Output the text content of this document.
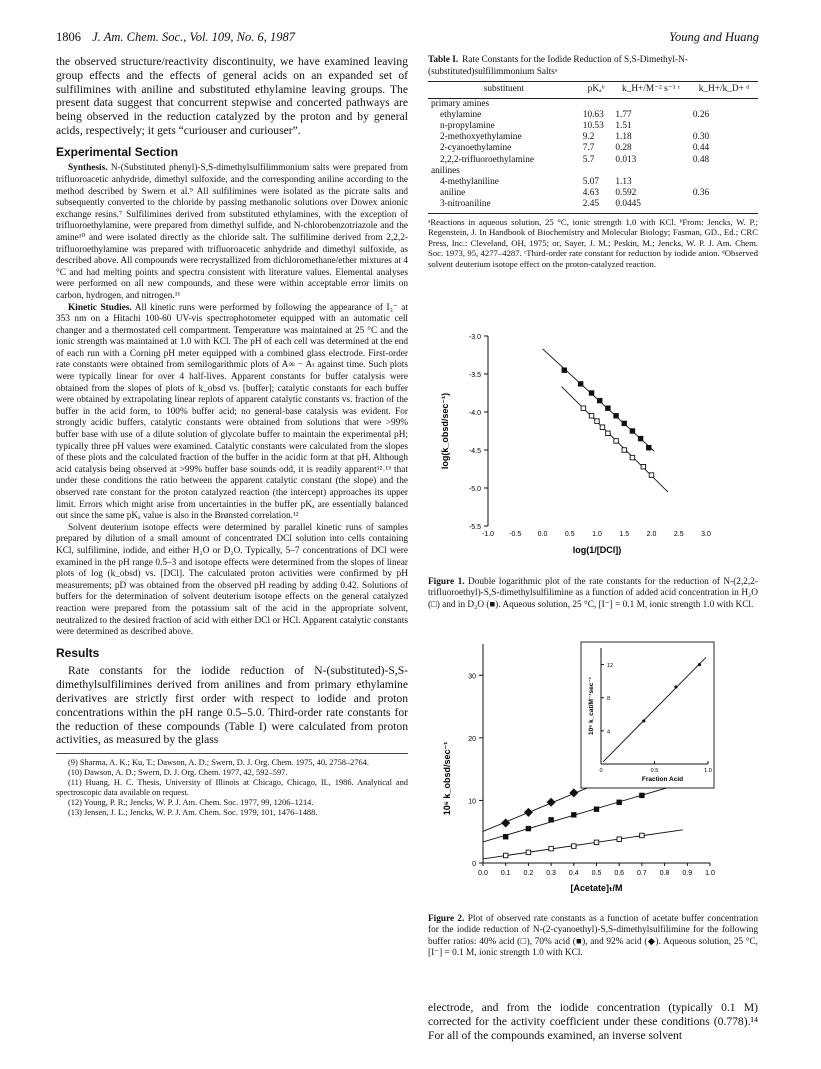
1806 J. Am. Chem. Soc., Vol. 109, No. 6, 1987	Young and Huang

the observed structure/reactivity discontinuity, we have examined leaving group effects and the effects of general acids on an expanded set of sulfilimines with aniline and substituted ethylamine leaving groups. The present data suggest that concurrent stepwise and concerted pathways are being observed in the reduction catalyzed by the proton and by general acids, respectively; it gets “curiouser and curiouser”.

Experimental Section

Synthesis. N-(Substituted phenyl)-S,S-dimethylsulfilimmonium salts were prepared from trifluoroacetic anhydride, dimethyl sulfoxide, and the corresponding aniline according to the method described by Swern et al.⁹ All sulfilimines were isolated as the picrate salts and subsequently converted to the chloride by passing methanolic solutions over Dowex anionic exchange resins.⁷ Sulfilimines derived from substituted ethylamines, with the exception of trifluoroethylamine, were prepared from dimethyl sulfide, and N-chlorobenzotriazole and the amine¹⁰ and were isolated directly as the chloride salt. The sulfilimine derived from 2,2,2-trifluoroethylamine was prepared with trifluoroacetic anhydride and dimethyl sulfoxide, as described above. All compounds were recrystallized from dichloromethane/ether mixtures at 4 °C and had melting points and spectra consistent with literature values. Elemental analyses were performed on all new compounds, and these were within acceptable error limits on carbon, hydrogen, and nitrogen.¹¹

Kinetic Studies. All kinetic runs were performed by following the appearance of I₃⁻ at 353 nm on a Hitachi 100-60 UV-vis spectrophotometer equipped with an automatic cell changer and a thermostated cell compartment. Temperature was maintained at 25 °C and the ionic strength was maintained at 1.0 with KCl. The pH of each cell was determined at the end of each run with a Corning pH meter equipped with a combined glass electrode. First-order rate constants were obtained from semilogarithmic plots of A∞ − Aₜ against time. Such plots were typically linear for over 4 half-lives. Apparent constants for buffer catalysis were obtained from the slopes of plots of k_obsd vs. [buffer]; catalytic constants for each buffer were obtained by extrapolating linear replots of apparent catalytic constants vs. fraction of the buffer in the acid form, to 100% buffer acid; no general-base catalysis was evident. For strongly acidic buffers, catalytic constants were obtained from solutions that were >99% buffer base with use of a dilute solution of glycolate buffer to maintain the experimental pH; typically three pH values were examined. Catalytic constants were calculated from the slopes of these plots and the calculated fraction of the buffer in the acidic form at that pH. Although acid catalysis being observed at >99% buffer base sounds odd, it is readily apparent¹²˒¹³ that under these conditions the ratio between the apparent catalytic constant (the slope) and the observed rate constant for the proton catalyzed reaction (the intercept) approaches its upper limit. Errors which might arise from uncertainties in the buffer pKₐ are essentially balanced out since the same pKₐ value is also in the Brønsted correlation.¹²

Solvent deuterium isotope effects were determined by parallel kinetic runs of samples prepared by dilution of a small amount of concentrated DCl solution into cells containing KCl, sulfilimine, iodide, and either H₂O or D₂O. Typically, 5–7 concentrations of DCl were examined in the pH range 0.5–3 and isotope effects were determined from the slopes of linear plots of log (k_obsd) vs. [DCl]. The calculated proton activities were confirmed by pH measurements; pD was obtained from the observed pH reading by adding 0.42. Solutions of buffers for the determination of solvent deuterium isotope effects on the general catalyzed reaction were prepared from the potassium salt of the acid in the appropriate solvent, neutralized to the desired fraction of acid with either DCl or HCl. Apparent catalytic constants were determined as described above.

Results

Rate constants for the iodide reduction of N-(substituted)-S,S-dimethylsulfilimines derived from anilines and from primary ethylamine derivatives are strictly first order with respect to iodide and proton concentrations within the pH range 0.5–5.0. Third-order rate constants for the reduction of these compounds (Table I) were calculated from proton activities, as measured by the glass

(9) Sharma, A. K.; Ku, T.; Dawson, A. D.; Swern, D. J. Org. Chem. 1975, 40, 2758–2764.
(10) Dawson, A. D.; Swern, D. J. Org. Chem. 1977, 42, 592–597.
(11) Huang, H. C. Thesis, University of Illinois at Chicago, Chicago, IL, 1986. Analytical and spectroscopic data available on request.
(12) Young, P. R.; Jencks, W. P. J. Am. Chem. Soc. 1977, 99, 1206–1214.
(13) Jensen, J. L.; Jencks, W. P. J. Am. Chem. Soc. 1979, 101, 1476–1488.
Table I. Rate Constants for the Iodide Reduction of S,S-Dimethyl-N-(substituted)sulfilimmonium Saltsᵃ
substituent	pKₐᵇ	k_H+/M⁻² s⁻¹ ᶜ	k_H+/k_D+ ᵈ
primary amines			
ethylamine	10.63	1.77	0.26
n-propylamine	10.53	1.51	
2-methoxyethylamine	9.2	1.18	0.30
2-cyanoethylamine	7.7	0.28	0.44
2,2,2-trifluoroethylamine	5.7	0.013	0.48
anilines			
4-methylaniline	5.07	1.13	
aniline	4.63	0.592	0.36
3-nitroaniline	2.45	0.0445	
ᵃReactions in aqueous solution, 25 °C, ionic strength 1.0 with KCl. ᵇFrom: Jencks, W. P.; Regenstein, J. In Handbook of Biochemistry and Molecular Biology; Fasman, GD., Ed.; CRC Press, Inc.: Cleveland, OH, 1975; or, Sayer, J. M.; Peskin, M.; Jencks, W. P. J. Am. Chem. Soc. 1973, 95, 4277–4287. ᶜThird-order rate constant for reduction by iodide anion. ᵈObserved solvent deuterium isotope effect on the proton-catalyzed reaction.
-3.0
-3.5
-4.0
-4.5
-5.0
-5.5
-1.0 -0.5 0.0	0.5	1.0	1.5	2.0	2.5	3.0
log(1/[DCl])
log(k_obsd/sec⁻¹)
Figure 1. Double logarithmic plot of the rate constants for the reduction of N-(2,2,2-trifluoroethyl)-S,S-dimethylsulfilimine as a function of added acid concentration in H₂O (□) and in D₂O (■). Aqueous solution, 25 °C, [I⁻] = 0.1 M, ionic strength 1.0 with KCl.
0
10
20
30
0.0 0.1 0.2 0.3 0.4 0.5 0.6 0.7 0.8 0.9 1.0
[Acetate]ₜ/M
10⁶ k_obsd/sec⁻¹
4
8
12
0	0.5	1.0
Fraction Acid
10⁶ k_cat/M⁻¹sec⁻¹
Figure 2. Plot of observed rate constants as a function of acetate buffer concentration for the iodide reduction of N-(2-cyanoethyl)-S,S-dimethylsulfilimine for the following buffer ratios: 40% acid (□), 70% acid (■), and 92% acid (◆). Aqueous solution, 25 °C, [I⁻] = 0.1 M, ionic strength 1.0 with KCl.

electrode, and from the iodide concentration (typically 0.1 M) corrected for the activity coefficient under these conditions (0.778).¹⁴ For all of the compounds examined, an inverse solvent
